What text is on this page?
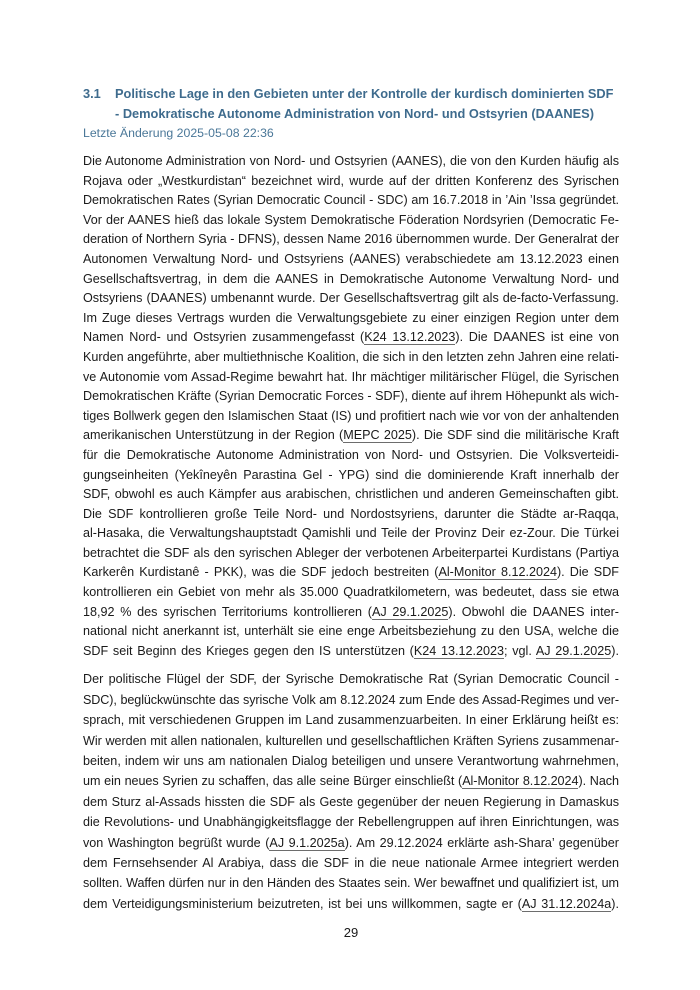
3.1 Politische Lage in den Gebieten unter der Kontrolle der kurdisch dominierten SDF - Demokratische Autonome Administration von Nord- und Ostsyrien (DAANES)
Letzte Änderung 2025-05-08 22:36
Die Autonome Administration von Nord- und Ostsyrien (AANES), die von den Kurden häufig als
Rojava oder „Westkurdistan“ bezeichnet wird, wurde auf der dritten Konferenz des Syrischen
Demokratischen Rates (Syrian Democratic Council - SDC) am 16.7.2018 in ’Ain ’Issa gegründet.
Vor der AANES hieß das lokale System Demokratische Föderation Nordsyrien (Democratic Fe-
deration of Northern Syria - DFNS), dessen Name 2016 übernommen wurde. Der Generalrat der
Autonomen Verwaltung Nord- und Ostsyriens (AANES) verabschiedete am 13.12.2023 einen
Gesellschaftsvertrag, in dem die AANES in Demokratische Autonome Verwaltung Nord- und
Ostsyriens (DAANES) umbenannt wurde. Der Gesellschaftsvertrag gilt als de-facto-Verfassung.
Im Zuge dieses Vertrags wurden die Verwaltungsgebiete zu einer einzigen Region unter dem
Namen Nord- und Ostsyrien zusammengefasst (K24 13.12.2023). Die DAANES ist eine von
Kurden angeführte, aber multiethnische Koalition, die sich in den letzten zehn Jahren eine relati-
ve Autonomie vom Assad-Regime bewahrt hat. Ihr mächtiger militärischer Flügel, die Syrischen
Demokratischen Kräfte (Syrian Democratic Forces - SDF), diente auf ihrem Höhepunkt als wich-
tiges Bollwerk gegen den Islamischen Staat (IS) und profitiert nach wie vor von der anhaltenden
amerikanischen Unterstützung in der Region (MEPC 2025). Die SDF sind die militärische Kraft
für die Demokratische Autonome Administration von Nord- und Ostsyrien. Die Volksverteidi-
gungseinheiten (Yekîneyên Parastina Gel - YPG) sind die dominierende Kraft innerhalb der
SDF, obwohl es auch Kämpfer aus arabischen, christlichen und anderen Gemeinschaften gibt.
Die SDF kontrollieren große Teile Nord- und Nordostsyriens, darunter die Städte ar-Raqqa,
al-Hasaka, die Verwaltungshauptstadt Qamishli und Teile der Provinz Deir ez-Zour. Die Türkei
betrachtet die SDF als den syrischen Ableger der verbotenen Arbeiterpartei Kurdistans (Partiya
Karkerên Kurdistanê - PKK), was die SDF jedoch bestreiten (Al-Monitor 8.12.2024). Die SDF
kontrollieren ein Gebiet von mehr als 35.000 Quadratkilometern, was bedeutet, dass sie etwa
18,92 % des syrischen Territoriums kontrollieren (AJ 29.1.2025). Obwohl die DAANES inter-
national nicht anerkannt ist, unterhält sie eine enge Arbeitsbeziehung zu den USA, welche die
SDF seit Beginn des Krieges gegen den IS unterstützen (K24 13.12.2023; vgl. AJ 29.1.2025).
Der politische Flügel der SDF, der Syrische Demokratische Rat (Syrian Democratic Council -
SDC), beglückwünschte das syrische Volk am 8.12.2024 zum Ende des Assad-Regimes und ver-
sprach, mit verschiedenen Gruppen im Land zusammenzuarbeiten. In einer Erklärung heißt es:
Wir werden mit allen nationalen, kulturellen und gesellschaftlichen Kräften Syriens zusammenar-
beiten, indem wir uns am nationalen Dialog beteiligen und unsere Verantwortung wahrnehmen,
um ein neues Syrien zu schaffen, das alle seine Bürger einschließt (Al-Monitor 8.12.2024). Nach
dem Sturz al-Assads hissten die SDF als Geste gegenüber der neuen Regierung in Damaskus
die Revolutions- und Unabhängigkeitsflagge der Rebellengruppen auf ihren Einrichtungen, was
von Washington begrüßt wurde (AJ 9.1.2025a). Am 29.12.2024 erklärte ash-Shara’ gegenüber
dem Fernsehsender Al Arabiya, dass die SDF in die neue nationale Armee integriert werden
sollten. Waffen dürfen nur in den Händen des Staates sein. Wer bewaffnet und qualifiziert ist, um
dem Verteidigungsministerium beizutreten, ist bei uns willkommen, sagte er (AJ 31.12.2024a).
29
